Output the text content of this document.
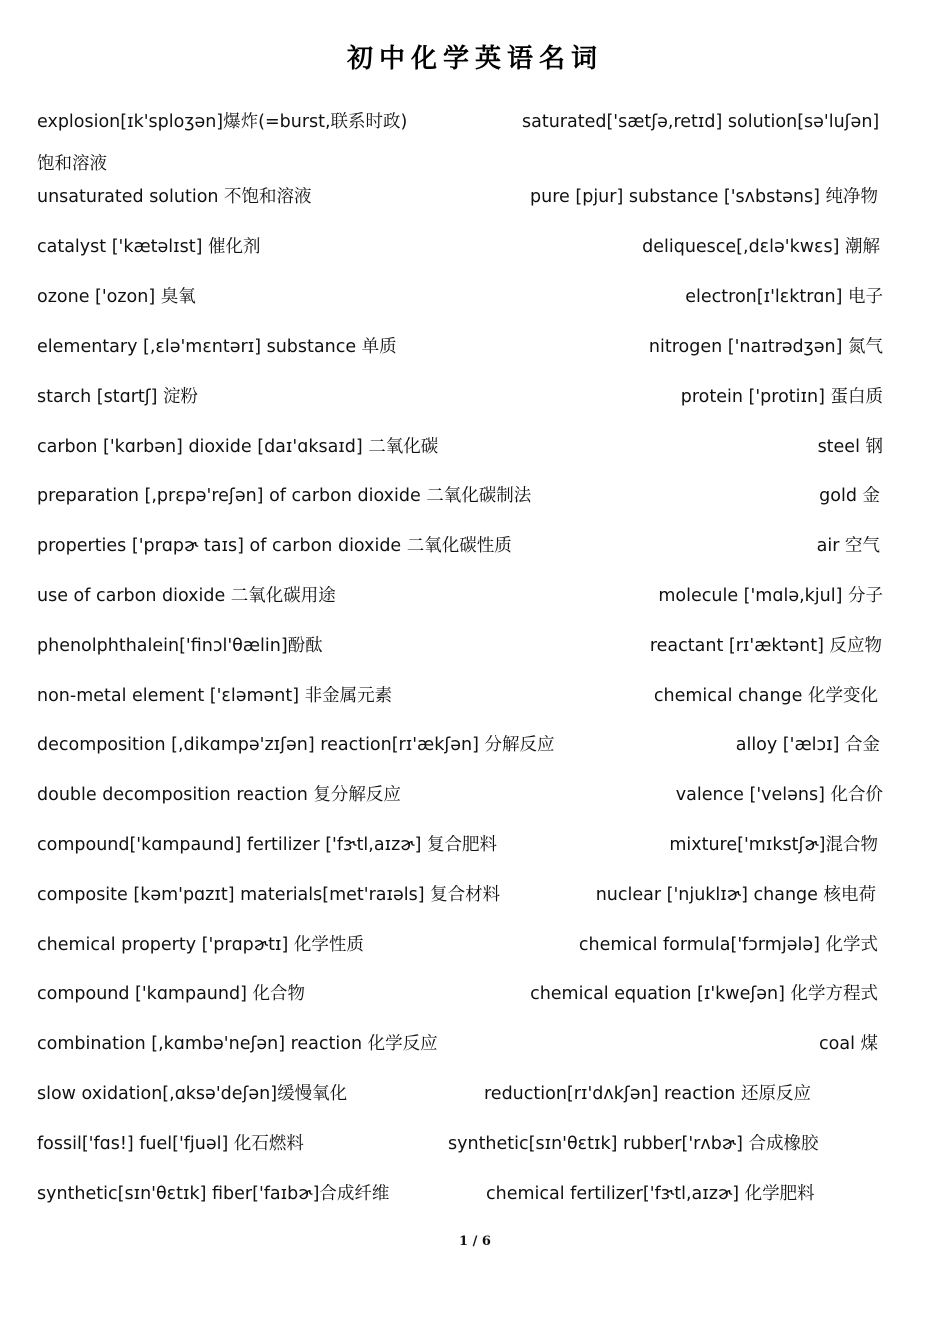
初中化学英语名词
explosion[ɪk'sploʒən]爆炸(=burst,联系时政)	saturated['sætʃə,retɪd] solution[sə'luʃən]
饱和溶液
unsaturated solution 不饱和溶液	pure [pjur] substance ['sʌbstəns] 纯净物
catalyst ['kætəlɪst] 催化剂	deliquesce[,dɛlə'kwɛs] 潮解
ozone ['ozon] 臭氧	electron[ɪ'lɛktrɑn] 电子
elementary [,ɛlə'mɛntərɪ] substance 单质	nitrogen ['naɪtrədʒən] 氮气
starch [stɑrtʃ] 淀粉	protein ['protiɪn] 蛋白质
carbon ['kɑrbən] dioxide [daɪ'ɑksaɪd] 二氧化碳	steel 钢
preparation [,prɛpə'reʃən] of carbon dioxide 二氧化碳制法	gold 金
properties ['prɑpɚ taɪs] of carbon dioxide 二氧化碳性质	air 空气
use of carbon dioxide 二氧化碳用途	molecule ['mɑlə,kjul] 分子
phenolphthalein['finɔl'θælin]酚酞	reactant [rɪ'æktənt] 反应物
non-metal element ['ɛləmənt] 非金属元素	chemical change 化学变化
decomposition [,dikɑmpə'zɪʃən] reaction[rɪ'ækʃən] 分解反应	alloy ['ælɔɪ] 合金
double decomposition reaction 复分解反应	valence ['veləns] 化合价
compound['kɑmpaund] fertilizer ['fɝtl,aɪzɚ] 复合肥料	mixture['mɪkstʃɚ]混合物
composite [kəm'pɑzɪt] materials[met'raɪəls] 复合材料	nuclear ['njuklɪɚ] change 核电荷
chemical property ['prɑpɚtɪ] 化学性质	chemical formula['fɔrmjələ] 化学式
compound ['kɑmpaund] 化合物	chemical equation [ɪ'kweʃən] 化学方程式
combination [,kɑmbə'neʃən] reaction 化学反应	coal 煤
slow oxidation[,ɑksə'deʃən]缓慢氧化	reduction[rɪ'dʌkʃən] reaction 还原反应
fossil['fɑs!] fuel['fjuəl] 化石燃料	synthetic[sɪn'θɛtɪk] rubber['rʌbɚ] 合成橡胶
synthetic[sɪn'θɛtɪk] fiber['faɪbɚ]合成纤维	chemical fertilizer['fɝtl,aɪzɚ] 化学肥料
1 / 6
